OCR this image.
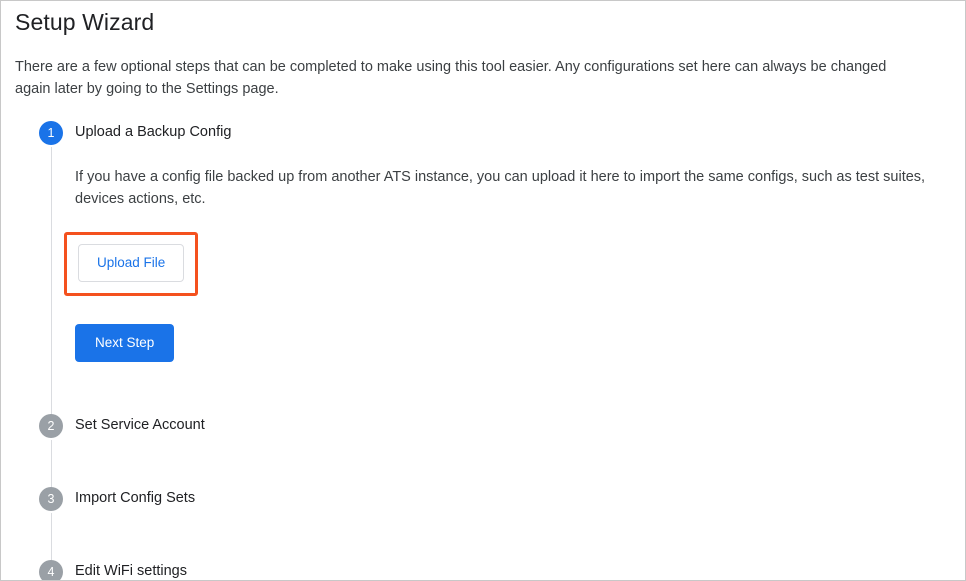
Setup Wizard
There are a few optional steps that can be completed to make using this tool easier. Any configurations set here can always be changed again later by going to the Settings page.
1	Upload a Backup Config

If you have a config file backed up from another ATS instance, you can upload it here to import the same configs, such as test suites, devices actions, etc.

Upload File
Next Step
2	Set Service Account
3	Import Config Sets
4	Edit WiFi settings
